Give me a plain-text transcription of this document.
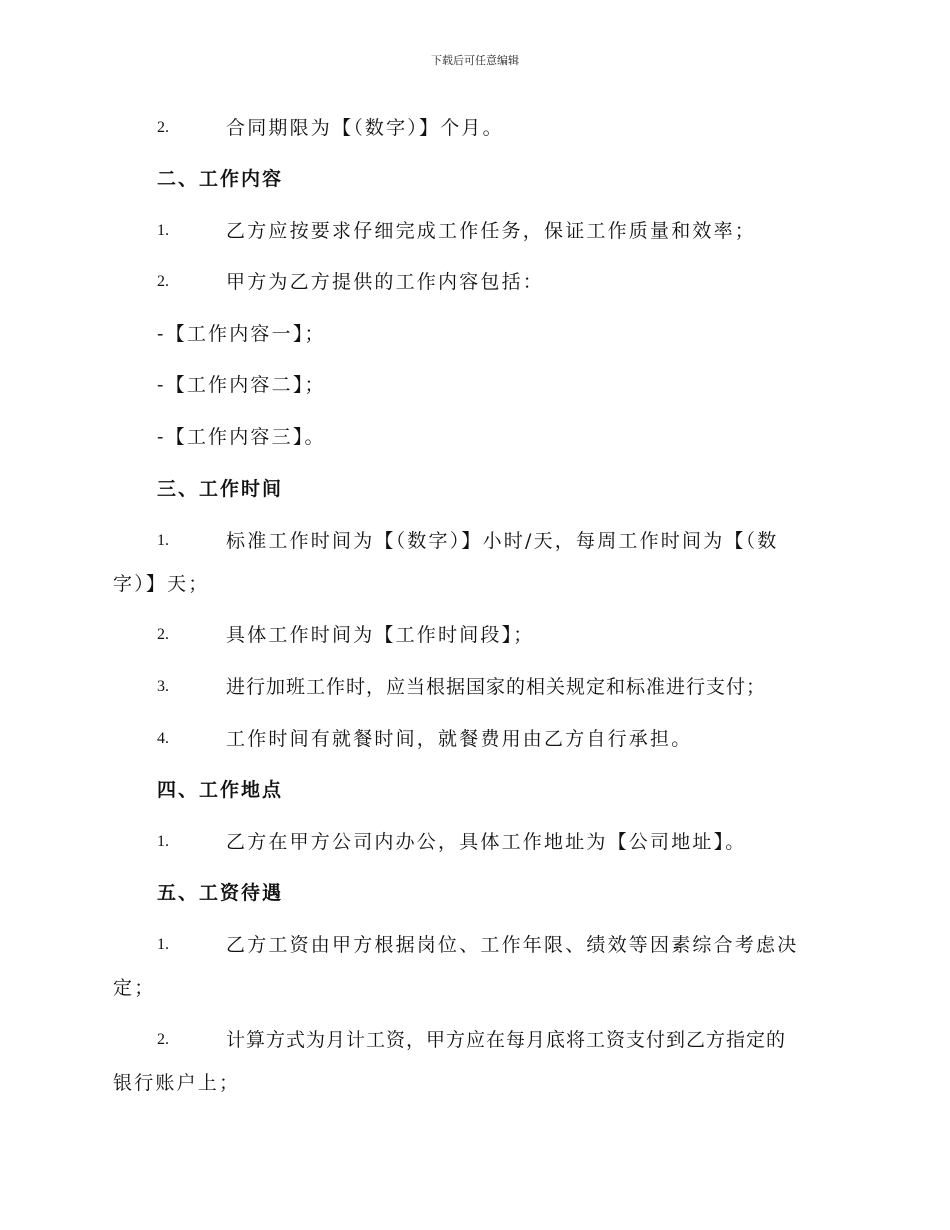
下载后可任意编辑
2.	合同期限为【（数字）】个月。
二、工作内容
1.	乙方应按要求仔细完成工作任务，保证工作质量和效率；
2.	甲方为乙方提供的工作内容包括：
-【工作内容一】；
-【工作内容二】；
-【工作内容三】。
三、工作时间
1.	标准工作时间为【（数字）】小时/天，每周工作时间为【（数
字）】天；
2.	具体工作时间为【工作时间段】；
3.	进行加班工作时，应当根据国家的相关规定和标准进行支付；
4.	工作时间有就餐时间，就餐费用由乙方自行承担。
四、工作地点
1.	乙方在甲方公司内办公，具体工作地址为【公司地址】。
五、工资待遇
1.	乙方工资由甲方根据岗位、工作年限、绩效等因素综合考虑决
定；
2.	计算方式为月计工资，甲方应在每月底将工资支付到乙方指定的
银行账户上；
